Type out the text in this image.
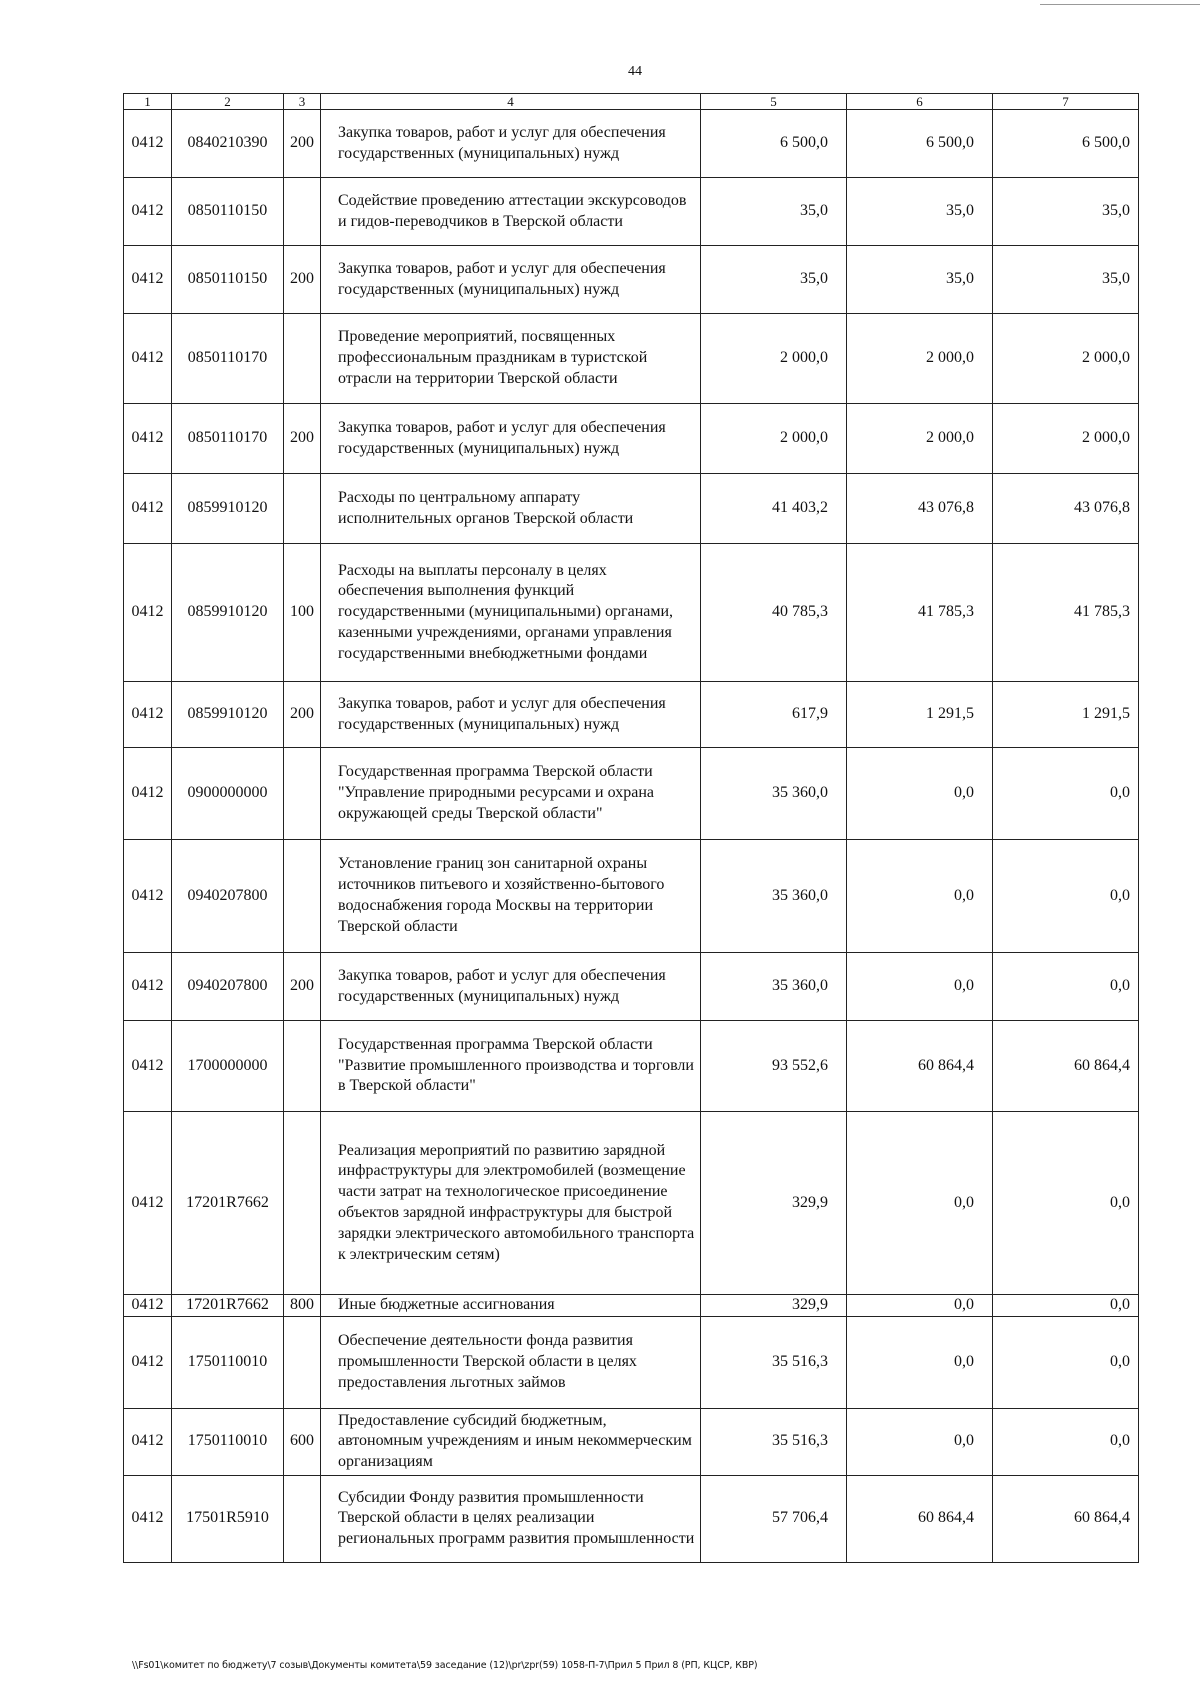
44
1	2	3	4	5	6	7
0412	0840210390	200	Закупка товаров, работ и услуг для обеспечения государственных (муниципальных) нужд	6 500,0	6 500,0	6 500,0
0412	0850110150		Содействие проведению аттестации экскурсоводов и гидов-переводчиков в Тверской области	35,0	35,0	35,0
0412	0850110150	200	Закупка товаров, работ и услуг для обеспечения государственных (муниципальных) нужд	35,0	35,0	35,0
0412	0850110170		Проведение мероприятий, посвященных профессиональным праздникам в туристской отрасли на территории Тверской области	2 000,0	2 000,0	2 000,0
0412	0850110170	200	Закупка товаров, работ и услуг для обеспечения государственных (муниципальных) нужд	2 000,0	2 000,0	2 000,0
0412	0859910120		Расходы по центральному аппарату исполнительных органов Тверской области	41 403,2	43 076,8	43 076,8
0412	0859910120	100	Расходы на выплаты персоналу в целях обеспечения выполнения функций государственными (муниципальными) органами, казенными учреждениями, органами управления государственными внебюджетными фондами	40 785,3	41 785,3	41 785,3
0412	0859910120	200	Закупка товаров, работ и услуг для обеспечения государственных (муниципальных) нужд	617,9	1 291,5	1 291,5
0412	0900000000		Государственная программа Тверской области "Управление природными ресурсами и охрана окружающей среды Тверской области"	35 360,0	0,0	0,0
0412	0940207800		Установление границ зон санитарной охраны источников питьевого и хозяйственно-бытового водоснабжения города Москвы на территории Тверской области	35 360,0	0,0	0,0
0412	0940207800	200	Закупка товаров, работ и услуг для обеспечения государственных (муниципальных) нужд	35 360,0	0,0	0,0
0412	1700000000		Государственная программа Тверской области "Развитие промышленного производства и торговли в Тверской области"	93 552,6	60 864,4	60 864,4
0412	17201R7662		Реализация мероприятий по развитию зарядной инфраструктуры для электромобилей (возмещение части затрат на технологическое присоединение объектов зарядной инфраструктуры для быстрой зарядки электрического автомобильного транспорта к электрическим сетям)	329,9	0,0	0,0
0412	17201R7662	800	Иные бюджетные ассигнования	329,9	0,0	0,0
0412	1750110010		Обеспечение деятельности фонда развития промышленности Тверской области в целях предоставления льготных займов	35 516,3	0,0	0,0
0412	1750110010	600	Предоставление субсидий бюджетным, автономным учреждениям и иным некоммерческим организациям	35 516,3	0,0	0,0
0412	17501R5910		Субсидии Фонду развития промышленности Тверской области в целях реализации региональных программ развития промышленности	57 706,4	60 864,4	60 864,4
\\Fs01\комитет по бюджету\7 созыв\Документы комитета\59 заседание (12)\pr\zpr(59) 1058-П-7\Прил 5 Прил 8 (РП, КЦСР, КВР)
